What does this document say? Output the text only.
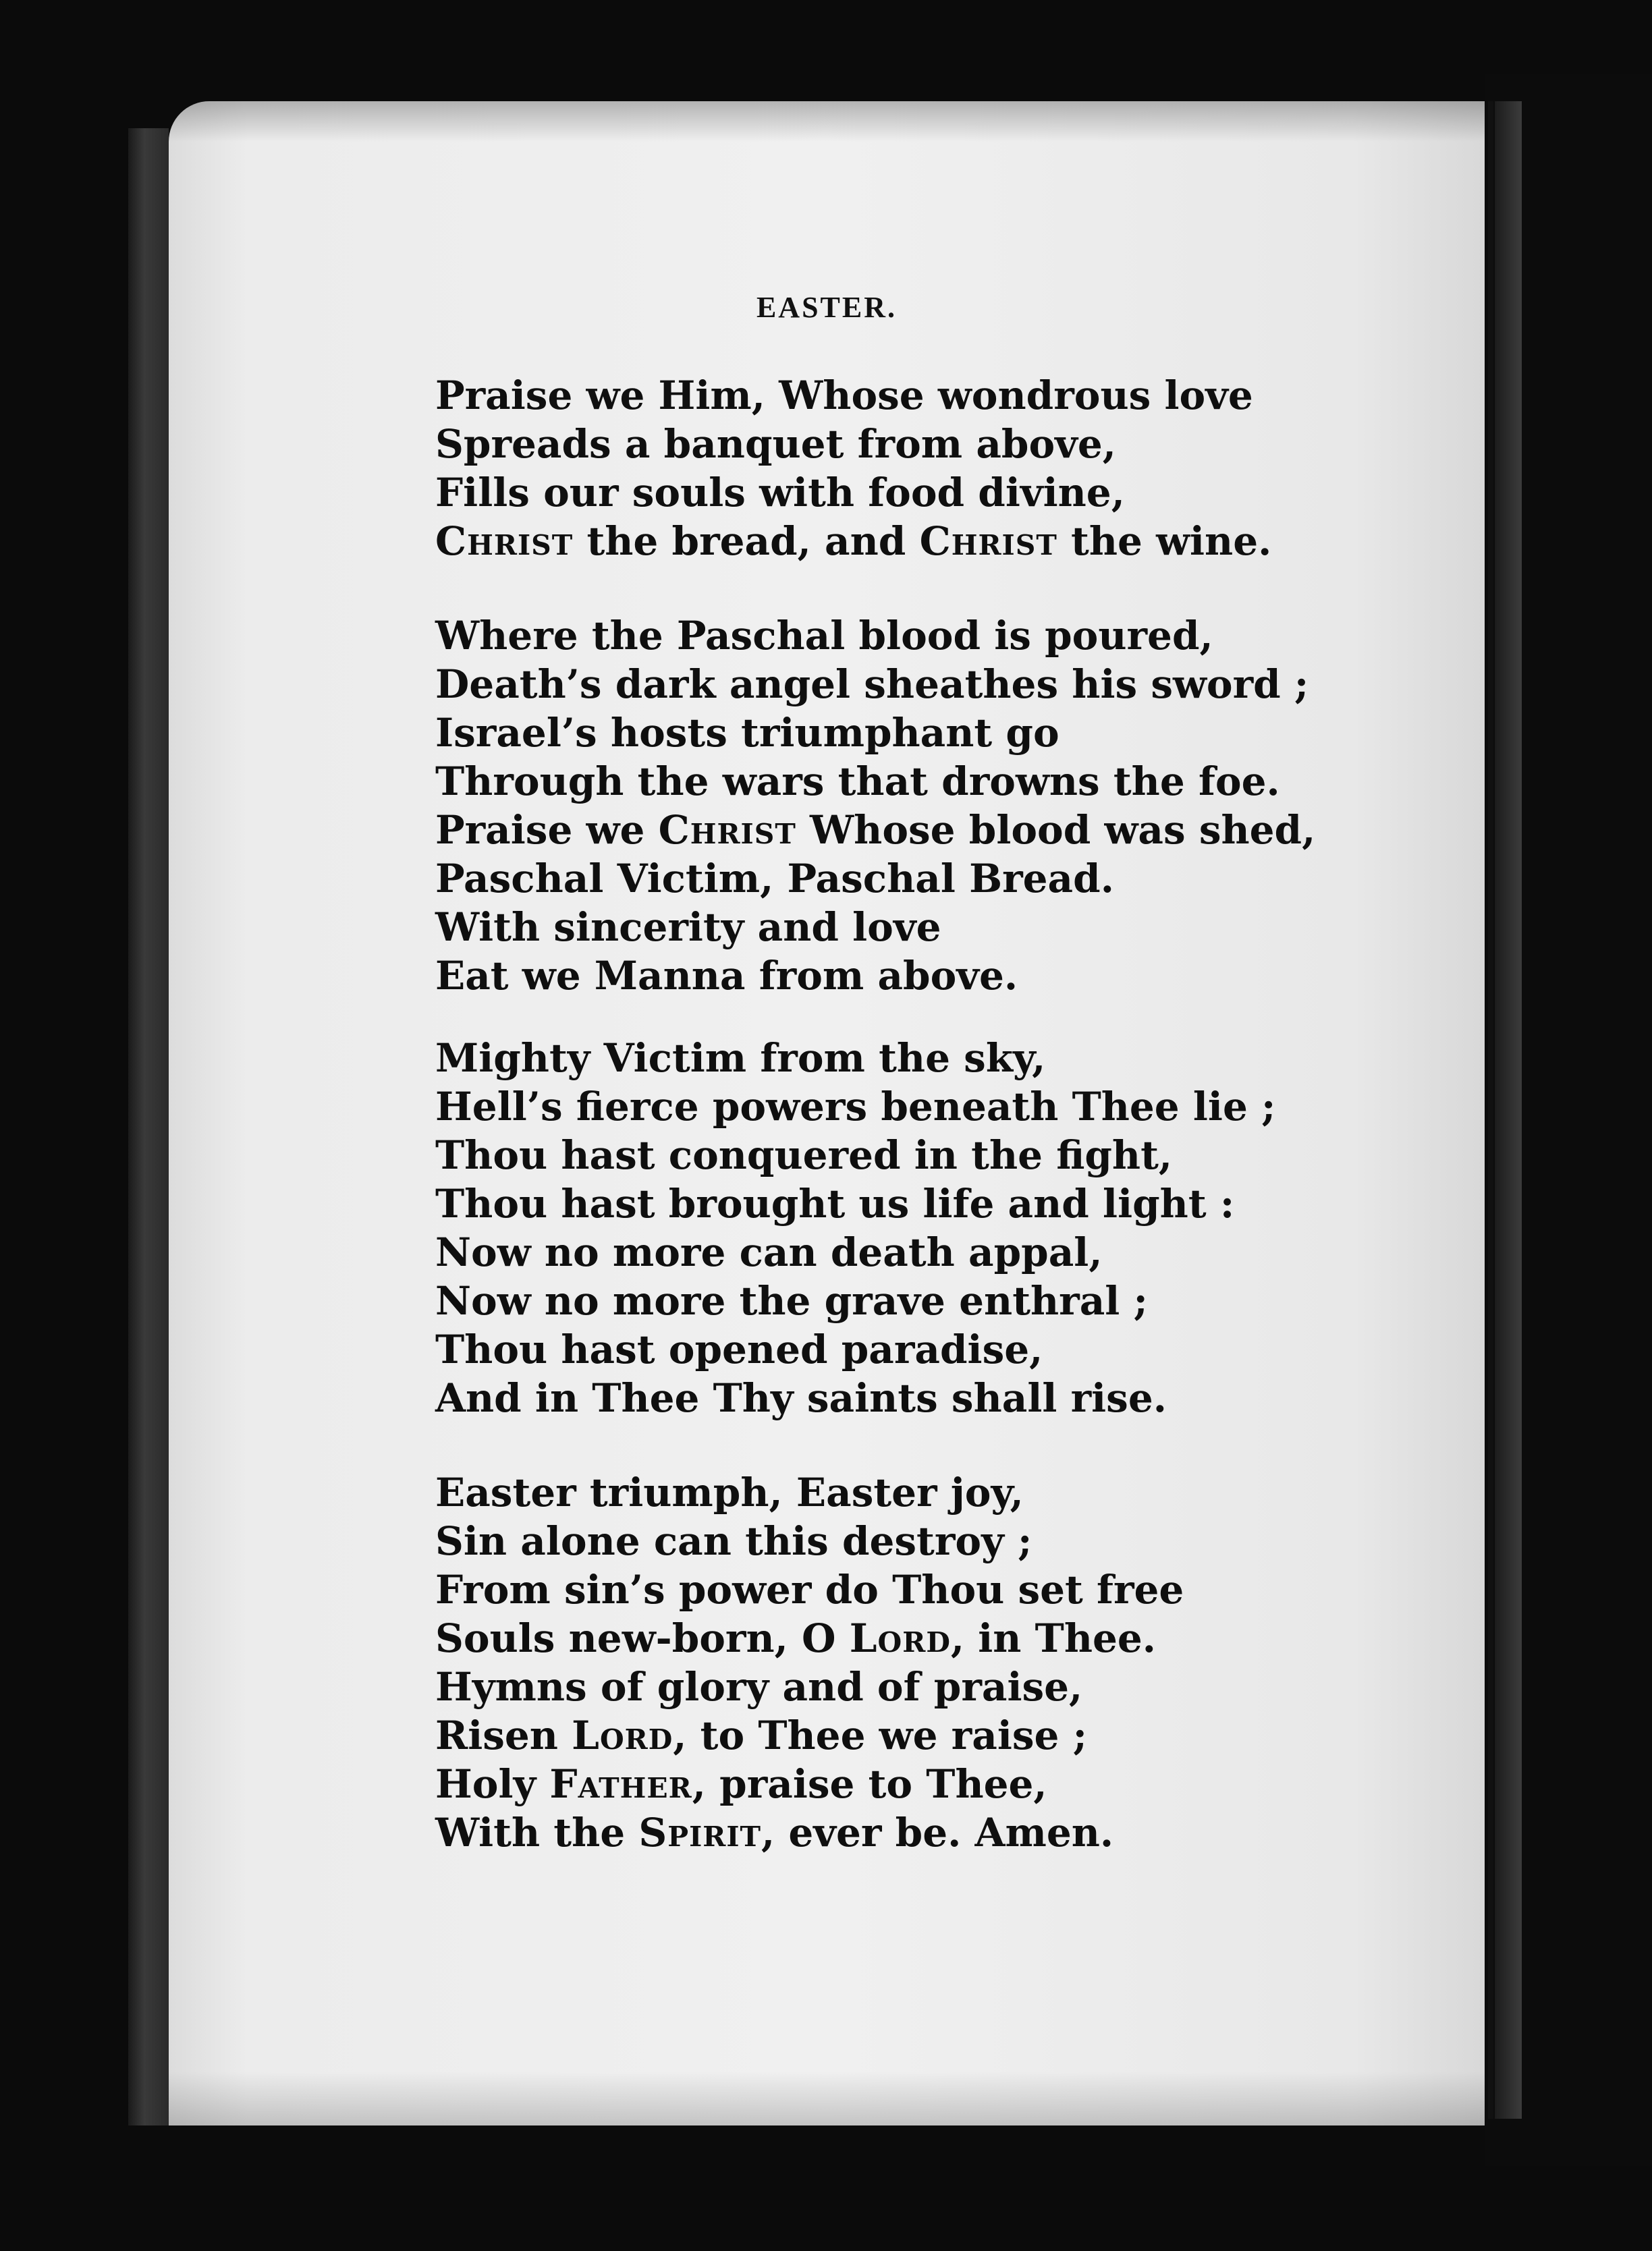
EASTER.
Praise we Him, Whose wondrous love
Spreads a banquet from above,
Fills our souls with food divine,
Christ the bread, and Christ the wine.
Where the Paschal blood is poured,
Death’s dark angel sheathes his sword ;
Israel’s hosts triumphant go
Through the wars that drowns the foe.
Praise we Christ Whose blood was shed,
Paschal Victim, Paschal Bread.
With sincerity and love
Eat we Manna from above.
Mighty Victim from the sky,
Hell’s fierce powers beneath Thee lie ;
Thou hast conquered in the fight,
Thou hast brought us life and light :
Now no more can death appal,
Now no more the grave enthral ;
Thou hast opened paradise,
And in Thee Thy saints shall rise.
Easter triumph, Easter joy,
Sin alone can this destroy ;
From sin’s power do Thou set free
Souls new-born, O Lord, in Thee.
Hymns of glory and of praise,
Risen Lord, to Thee we raise ;
Holy Father, praise to Thee,
With the Spirit, ever be. Amen.
